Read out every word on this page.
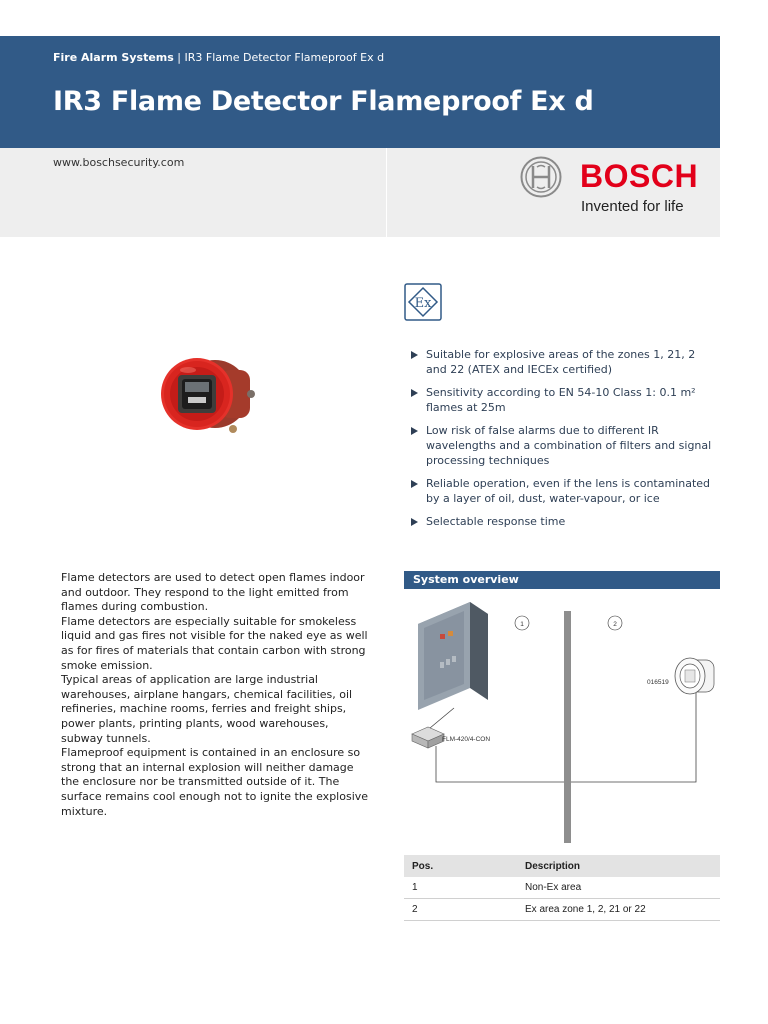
Fire Alarm Systems | IR3 Flame Detector Flameproof Ex d
IR3 Flame Detector Flameproof Ex d
www.boschsecurity.com	BOSCH
Invented for life
Ex
Suitable for explosive areas of the zones 1, 21, 2 and 22 (ATEX and IECEx certified)
Sensitivity according to EN 54-10 Class 1: 0.1 m² flames at 25m
Low risk of false alarms due to different IR wavelengths and a combination of filters and signal processing techniques
Reliable operation, even if the lens is contaminated by a layer of oil, dust, water-vapour, or ice
Selectable response time

Flame detectors are used to detect open flames indoor and outdoor. They respond to the light emitted from flames during combustion.

Flame detectors are especially suitable for smokeless liquid and gas fires not visible for the naked eye as well as for fires of materials that contain carbon with strong smoke emission.

Typical areas of application are large industrial warehouses, airplane hangars, chemical facilities, oil refineries, machine rooms, ferries and freight ships, power plants, printing plants, wood warehouses, subway tunnels.

Flameproof equipment is contained in an enclosure so strong that an internal explosion will neither damage the enclosure nor be transmitted outside of it. The surface remains cool enough not to ignite the explosive mixture.

System overview
FLM-420/4-CON
1	2
016519
Pos.	Description
1	Non-Ex area
2	Ex area zone 1, 2, 21 or 22
